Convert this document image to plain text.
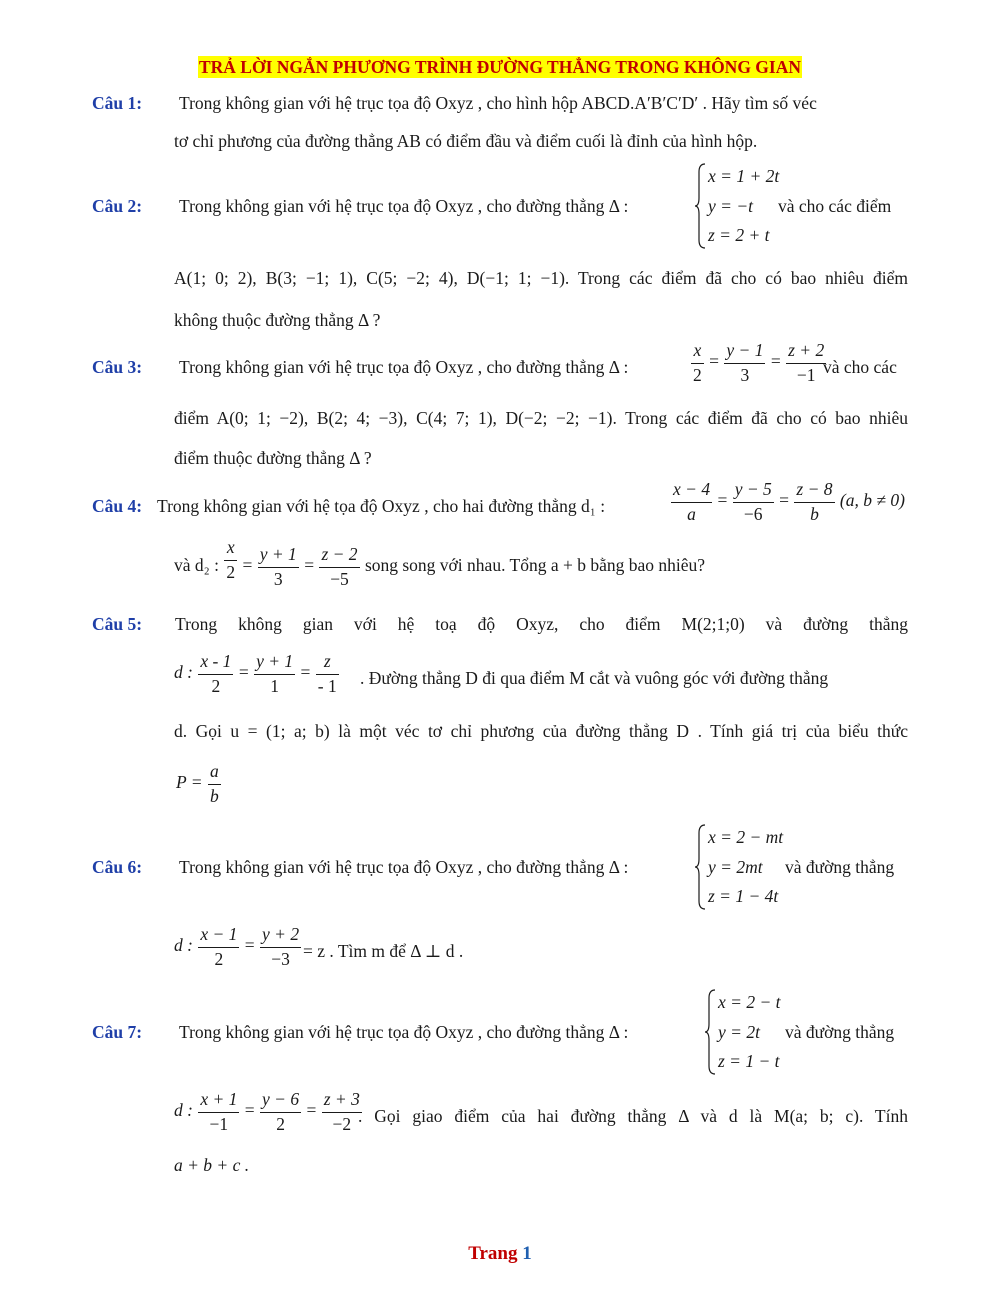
TRẢ LỜI NGẮN PHƯƠNG TRÌNH ĐƯỜNG THẲNG TRONG KHÔNG GIAN
Câu 1: Trong không gian với hệ trục tọa độ Oxyz , cho hình hộp ABCD.A′B′C′D′ . Hãy tìm số véc
tơ chỉ phương của đường thẳng AB có điểm đầu và điểm cuối là đỉnh của hình hộp.
Câu 2: Trong không gian với hệ trục tọa độ Oxyz , cho đường thẳng Δ :
x = 1 + 2t
y = −t
z = 2 + t
và cho các điểm
A(1; 0; 2), B(3; −1; 1), C(5; −2; 4), D(−1; 1; −1). Trong các điểm đã cho có bao nhiêu điểm
không thuộc đường thẳng Δ ?
Câu 3: Trong không gian với hệ trục tọa độ Oxyz , cho đường thẳng Δ :	$\frac{x}{2} = \frac{y - 1}{3} = \frac{z + 2}{-1}$
và cho các
điểm A(0; 1; −2), B(2; 4; −3), C(4; 7; 1), D(−2; −2; −1). Trong các điểm đã cho có bao nhiêu
điểm thuộc đường thẳng Δ ?
Câu 4: Trong không gian với hệ tọa độ Oxyz , cho hai đường thẳng d₁ :	$\frac{x - 4}{a} = \frac{y - 5}{-6} = \frac{z - 8}{b} (a$, b ≠ 0)
và d₂ : $\frac{x}{2} = \frac{y + 1}{3} = \frac{z - 2}{-5}$ song song với nhau. Tổng a + b bằng bao nhiêu?
Câu 5: Trong không gian với hệ toạ độ Oxyz, cho điểm M(2;1;0) và đường thẳng
d : $\frac{x - 1}{2} = \frac{y + 1}{1} = \frac{z}{- 1}$ . Đường thẳng D đi qua điểm M cắt và vuông góc với đường thẳng
d. Gọi u = (1; a; b) là một véc tơ chỉ phương của đường thẳng D . Tính giá trị của biểu thức
$P = \frac{a}{b}$
Câu 6: Trong không gian với hệ trục tọa độ Oxyz , cho đường thẳng Δ :
x = 2 − mt
y = 2mt
z = 1 − 4t
và đường thẳng
d : $\frac{x - 1}{2} = \frac{y + 2}{-3} = z$ . Tìm m để Δ ⊥ d .
Câu 7: Trong không gian với hệ trục tọa độ Oxyz , cho đường thẳng Δ :
x = 2 − t
y = 2t
z = 1 − t
và đường thẳng
d : $\frac{x + 1}{-1} = \frac{y - 6}{2} = \frac{z + 3}{-2}$
. Gọi giao điểm của hai đường thẳng Δ và d là M(a; b; c). Tính
a + b + c .
Trang 1
